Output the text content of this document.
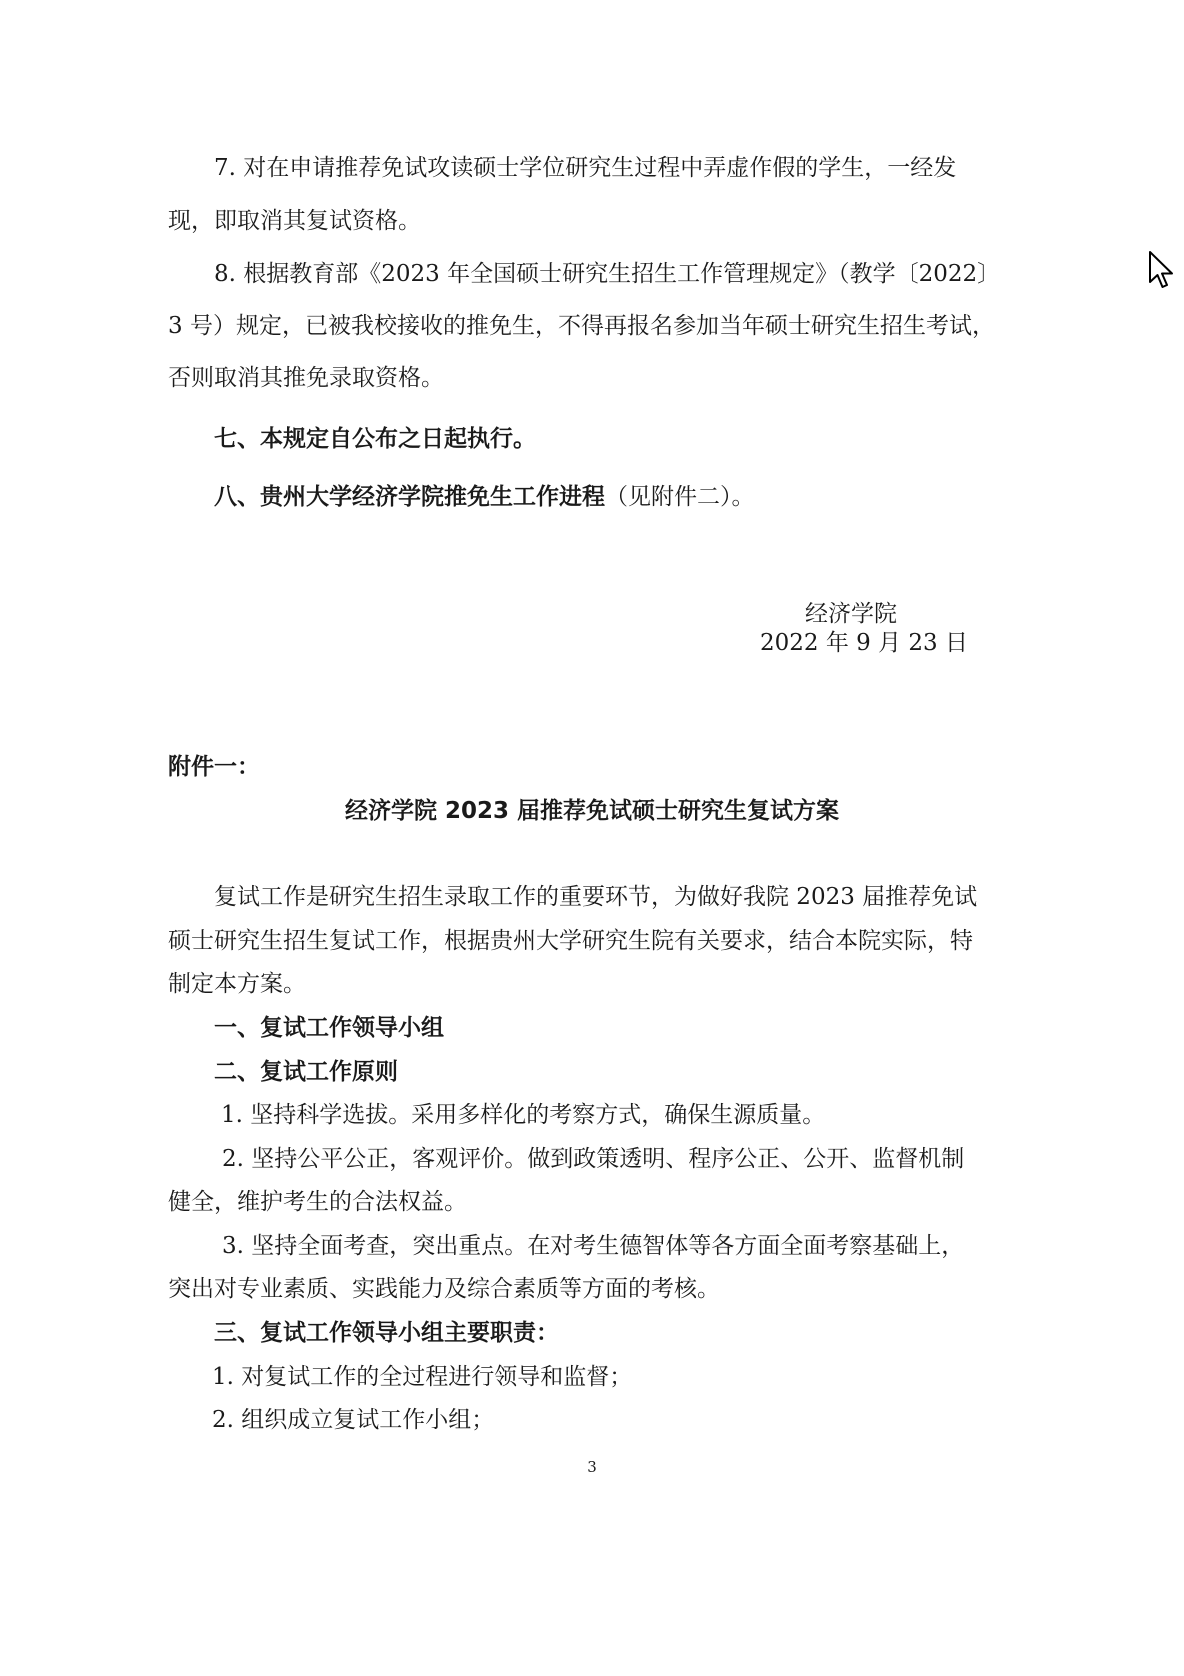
7. 对在申请推荐免试攻读硕士学位研究生过程中弄虚作假的学生，一经发

现，即取消其复试资格。

8. 根据教育部《2023 年全国硕士研究生招生工作管理规定》（教学〔2022〕

3 号）规定，已被我校接收的推免生，不得再报名参加当年硕士研究生招生考试，

否则取消其推免录取资格。

七、本规定自公布之日起执行。

八、贵州大学经济学院推免生工作进程（见附件二）。

经济学院

2022 年 9 月 23 日

附件一：

经济学院 2023 届推荐免试硕士研究生复试方案

复试工作是研究生招生录取工作的重要环节，为做好我院 2023 届推荐免试

硕士研究生招生复试工作，根据贵州大学研究生院有关要求，结合本院实际，特

制定本方案。

一、复试工作领导小组

二、复试工作原则

1. 坚持科学选拔。采用多样化的考察方式，确保生源质量。

2. 坚持公平公正，客观评价。做到政策透明、程序公正、公开、监督机制

健全，维护考生的合法权益。

3. 坚持全面考查，突出重点。在对考生德智体等各方面全面考察基础上，

突出对专业素质、实践能力及综合素质等方面的考核。

三、复试工作领导小组主要职责：

1. 对复试工作的全过程进行领导和监督；

2. 组织成立复试工作小组；

3
